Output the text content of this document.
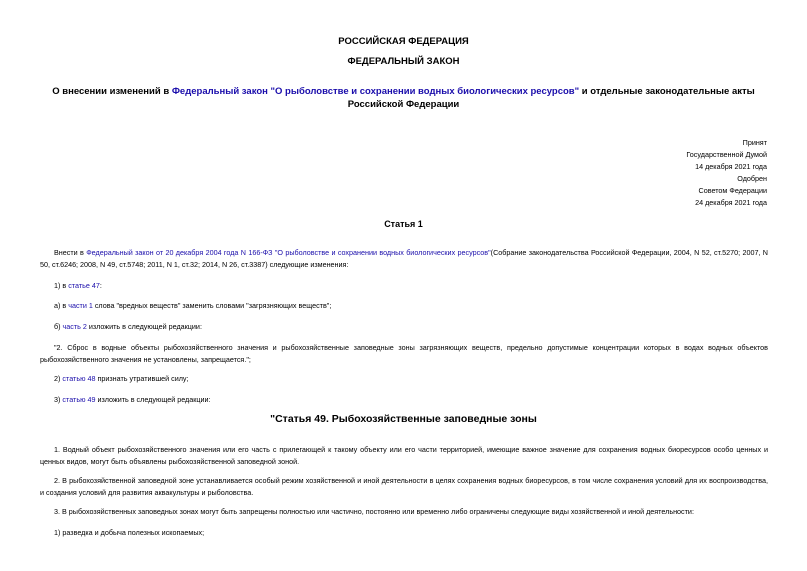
РОССИЙСКАЯ ФЕДЕРАЦИЯ
ФЕДЕРАЛЬНЫЙ ЗАКОН
О внесении изменений в Федеральный закон "О рыболовстве и сохранении водных биологических ресурсов" и отдельные законодательные акты Российской Федерации
Принят
Государственной Думой
14 декабря 2021 года
Одобрен
Советом Федерации
24 декабря 2021 года
Статья 1
Внести в Федеральный закон от 20 декабря 2004 года N 166-ФЗ "О рыболовстве и сохранении водных биологических ресурсов"(Собрание законодательства Российской Федерации, 2004, N 52, ст.5270; 2007, N 50, ст.6246; 2008, N 49, ст.5748; 2011, N 1, ст.32; 2014, N 26, ст.3387) следующие изменения:
1) в статье 47:
а) в части 1 слова "вредных веществ" заменить словами "загрязняющих веществ";
б) часть 2 изложить в следующей редакции:
"2. Сброс в водные объекты рыбохозяйственного значения и рыбохозяйственные заповедные зоны загрязняющих веществ, предельно допустимые концентрации которых в водах водных объектов рыбохозяйственного значения не установлены, запрещается.";
2) статью 48 признать утратившей силу;
3) статью 49 изложить в следующей редакции:
"Статья 49. Рыбохозяйственные заповедные зоны
1. Водный объект рыбохозяйственного значения или его часть с прилегающей к такому объекту или его части территорией, имеющие важное значение для сохранения водных биоресурсов особо ценных и ценных видов, могут быть объявлены рыбохозяйственной заповедной зоной.
2. В рыбохозяйственной заповедной зоне устанавливается особый режим хозяйственной и иной деятельности в целях сохранения водных биоресурсов, в том числе сохранения условий для их воспроизводства, и создания условий для развития аквакультуры и рыболовства.
3. В рыбохозяйственных заповедных зонах могут быть запрещены полностью или частично, постоянно или временно либо ограничены следующие виды хозяйственной и иной деятельности:
1) разведка и добыча полезных ископаемых;
